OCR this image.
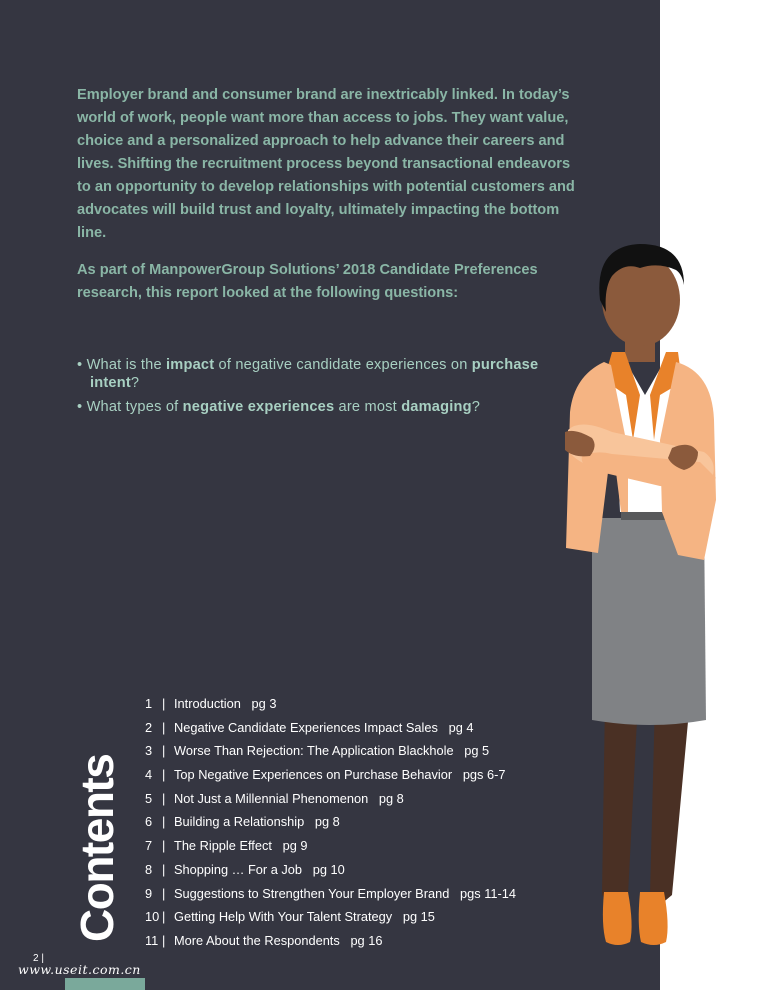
Employer brand and consumer brand are inextricably linked. In today’s world of work, people want more than access to jobs. They want value, choice and a personalized approach to help advance their careers and lives. Shifting the recruitment process beyond transactional endeavors to an opportunity to develop relationships with potential customers and advocates will build trust and loyalty, ultimately impacting the bottom line.

As part of ManpowerGroup Solutions’ 2018 Candidate Preferences research, this report looked at the following questions:

• What is the impact of negative candidate experiences on purchase intent?
• What types of negative experiences are most damaging?
1 | Introduction pg 3
2 | Negative Candidate Experiences Impact Sales pg 4
3 | Worse Than Rejection: The Application Blackhole pg 5
4 | Top Negative Experiences on Purchase Behavior pgs 6-7
5 | Not Just a Millennial Phenomenon pg 8
6 | Building a Relationship pg 8
7 | The Ripple Effect pg 9
8 | Shopping … For a Job pg 10
9 | Suggestions to Strengthen Your Employer Brand pgs 11-14
10 | Getting Help With Your Talent Strategy pg 15
11 | More About the Respondents pg 16
Contents
2 |
www.useit.com.cn
